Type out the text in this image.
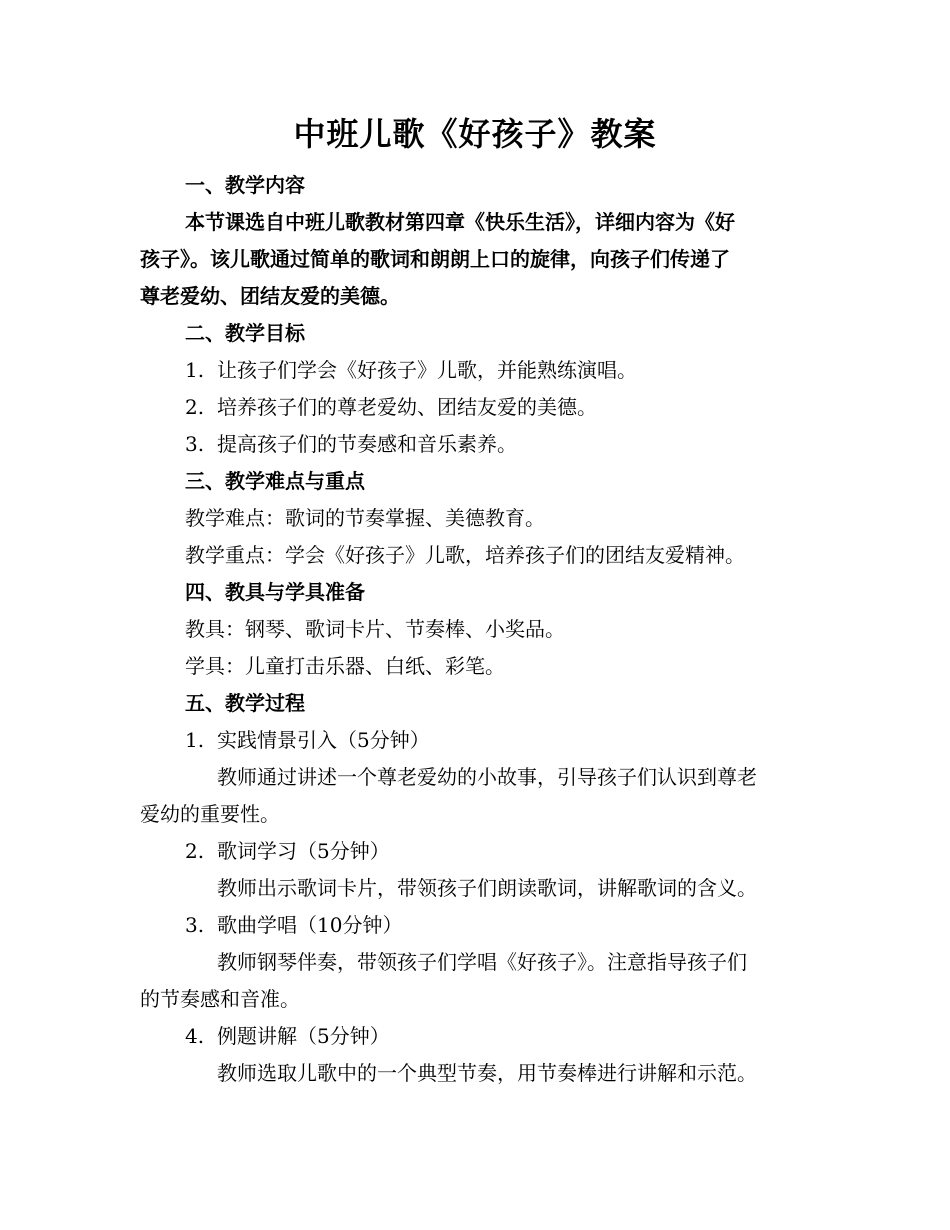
中班儿歌《好孩子》教案
一、教学内容
本节课选自中班儿歌教材第四章《快乐生活》，详细内容为《好
孩子》。该儿歌通过简单的歌词和朗朗上口的旋律，向孩子们传递了
尊老爱幼、团结友爱的美德。
二、教学目标
1. 让孩子们学会《好孩子》儿歌，并能熟练演唱。
2. 培养孩子们的尊老爱幼、团结友爱的美德。
3. 提高孩子们的节奏感和音乐素养。
三、教学难点与重点
教学难点：歌词的节奏掌握、美德教育。
教学重点：学会《好孩子》儿歌，培养孩子们的团结友爱精神。
四、教具与学具准备
教具：钢琴、歌词卡片、节奏棒、小奖品。
学具：儿童打击乐器、白纸、彩笔。
五、教学过程
1. 实践情景引入（5分钟）
教师通过讲述一个尊老爱幼的小故事，引导孩子们认识到尊老
爱幼的重要性。
2. 歌词学习（5分钟）
教师出示歌词卡片，带领孩子们朗读歌词，讲解歌词的含义。
3. 歌曲学唱（10分钟）
教师钢琴伴奏，带领孩子们学唱《好孩子》。注意指导孩子们
的节奏感和音准。
4. 例题讲解（5分钟）
教师选取儿歌中的一个典型节奏，用节奏棒进行讲解和示范。
